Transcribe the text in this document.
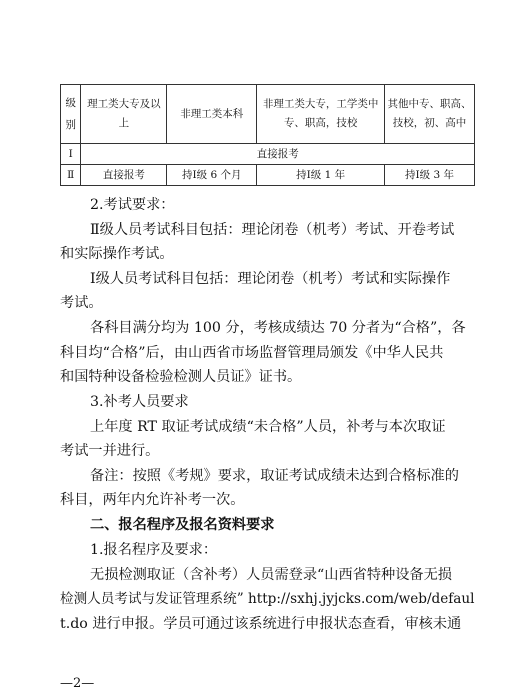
级别	理工类大专及以上	非理工类本科	非理工类大专，工学类中专、职高，技校	其他中专、职高、技校，初、高中
Ⅰ	直接报考			
Ⅱ	直接报考	持Ⅰ级 6 个月	持Ⅰ级 1 年	持Ⅰ级 3 年

2.考试要求：

Ⅱ级人员考试科目包括：理论闭卷（机考）考试、开卷考试

和实际操作考试。

Ⅰ级人员考试科目包括：理论闭卷（机考）考试和实际操作

考试。

各科目满分均为 100 分，考核成绩达 70 分者为“合格”，各

科目均“合格”后，由山西省市场监督管理局颁发《中华人民共

和国特种设备检验检测人员证》证书。

3.补考人员要求

上年度 RT 取证考试成绩“未合格”人员，补考与本次取证

考试一并进行。

备注：按照《考规》要求，取证考试成绩未达到合格标准的

科目，两年内允许补考一次。

二、报名程序及报名资料要求

1.报名程序及要求：

无损检测取证（含补考）人员需登录“山西省特种设备无损

检测人员考试与发证管理系统” http://sxhj.jyjcks.com/web/defaul

t.do 进行申报。学员可通过该系统进行申报状态查看，审核未通

—2—
